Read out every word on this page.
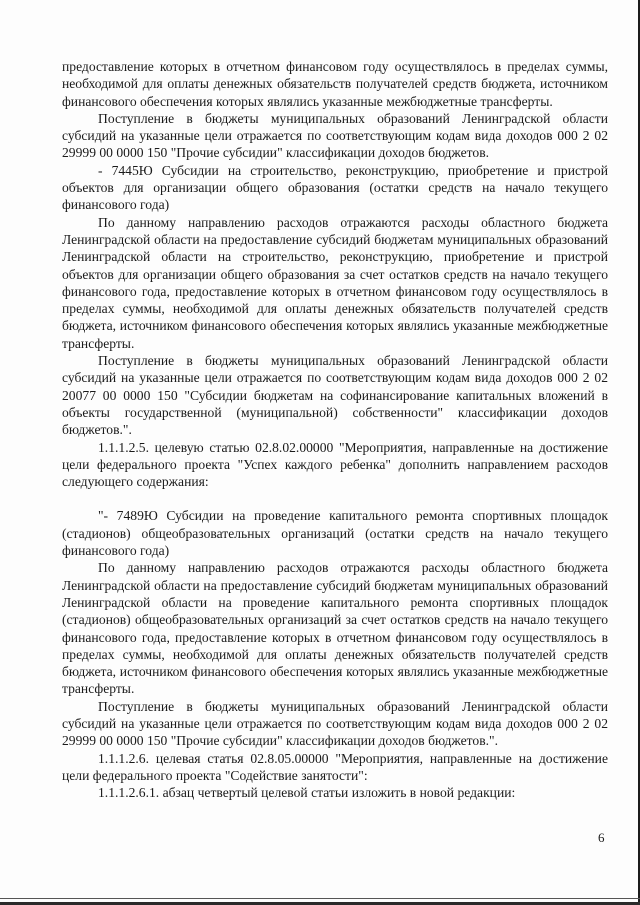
предоставление которых в отчетном финансовом году осуществлялось в пределах суммы, необходимой для оплаты денежных обязательств получателей средств бюджета, источником финансового обеспечения которых являлись указанные межбюджетные трансферты.

Поступление в бюджеты муниципальных образований Ленинградской области субсидий на указанные цели отражается по соответствующим кодам вида доходов 000 2 02 29999 00 0000 150 "Прочие субсидии" классификации доходов бюджетов.

- 7445Ю Субсидии на строительство, реконструкцию, приобретение и пристрой объектов для организации общего образования (остатки средств на начало текущего финансового года)

По данному направлению расходов отражаются расходы областного бюджета Ленинградской области на предоставление субсидий бюджетам муниципальных образований Ленинградской области на строительство, реконструкцию, приобретение и пристрой объектов для организации общего образования за счет остатков средств на начало текущего финансового года, предоставление которых в отчетном финансовом году осуществлялось в пределах суммы, необходимой для оплаты денежных обязательств получателей средств бюджета, источником финансового обеспечения которых являлись указанные межбюджетные трансферты.

Поступление в бюджеты муниципальных образований Ленинградской области субсидий на указанные цели отражается по соответствующим кодам вида доходов 000 2 02 20077 00 0000 150 "Субсидии бюджетам на софинансирование капитальных вложений в объекты государственной (муниципальной) собственности" классификации доходов бюджетов.".

1.1.1.2.5. целевую статью 02.8.02.00000 "Мероприятия, направленные на достижение цели федерального проекта "Успех каждого ребенка" дополнить направлением расходов следующего содержания:

"- 7489Ю Субсидии на проведение капитального ремонта спортивных площадок (стадионов) общеобразовательных организаций (остатки средств на начало текущего финансового года)

По данному направлению расходов отражаются расходы областного бюджета Ленинградской области на предоставление субсидий бюджетам муниципальных образований Ленинградской области на проведение капитального ремонта спортивных площадок (стадионов) общеобразовательных организаций за счет остатков средств на начало текущего финансового года, предоставление которых в отчетном финансовом году осуществлялось в пределах суммы, необходимой для оплаты денежных обязательств получателей средств бюджета, источником финансового обеспечения которых являлись указанные межбюджетные трансферты.

Поступление в бюджеты муниципальных образований Ленинградской области субсидий на указанные цели отражается по соответствующим кодам вида доходов 000 2 02 29999 00 0000 150 "Прочие субсидии" классификации доходов бюджетов.".

1.1.1.2.6. целевая статья 02.8.05.00000 "Мероприятия, направленные на достижение цели федерального проекта "Содействие занятости":

1.1.1.2.6.1. абзац четвертый целевой статьи изложить в новой редакции:

6
